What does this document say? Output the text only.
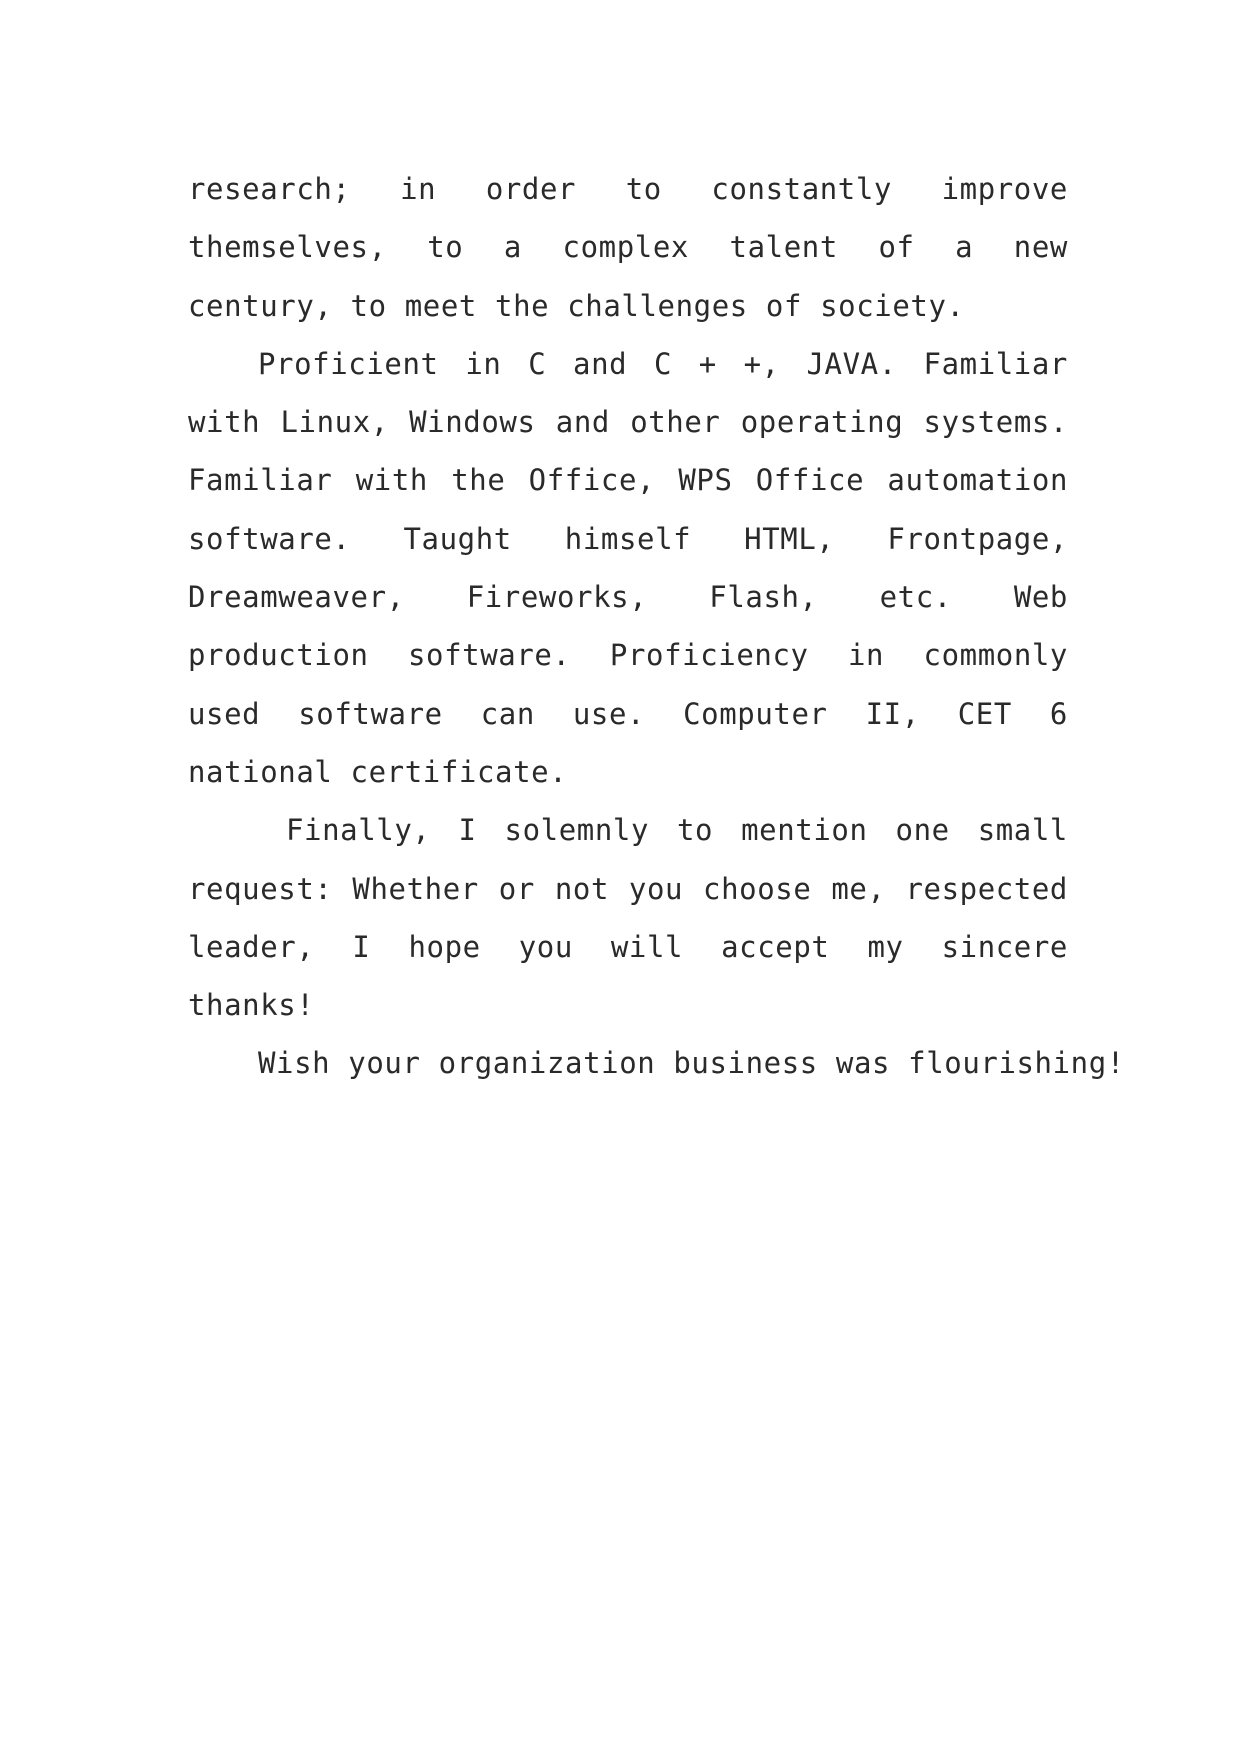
research; in order to constantly improve themselves, to a complex talent of a new century, to meet the challenges of society.

Proficient in C and C + +, JAVA. Familiar with Linux, Windows and other operating systems. Familiar with the Office, WPS Office automation software. Taught himself HTML, Frontpage, Dreamweaver, Fireworks, Flash, etc. Web production software. Proficiency in commonly used software can use. Computer II, CET 6 national certificate.

Finally, I solemnly to mention one small request: Whether or not you choose me, respected leader, I hope you will accept my sincere thanks!

Wish your organization business was flourishing!
